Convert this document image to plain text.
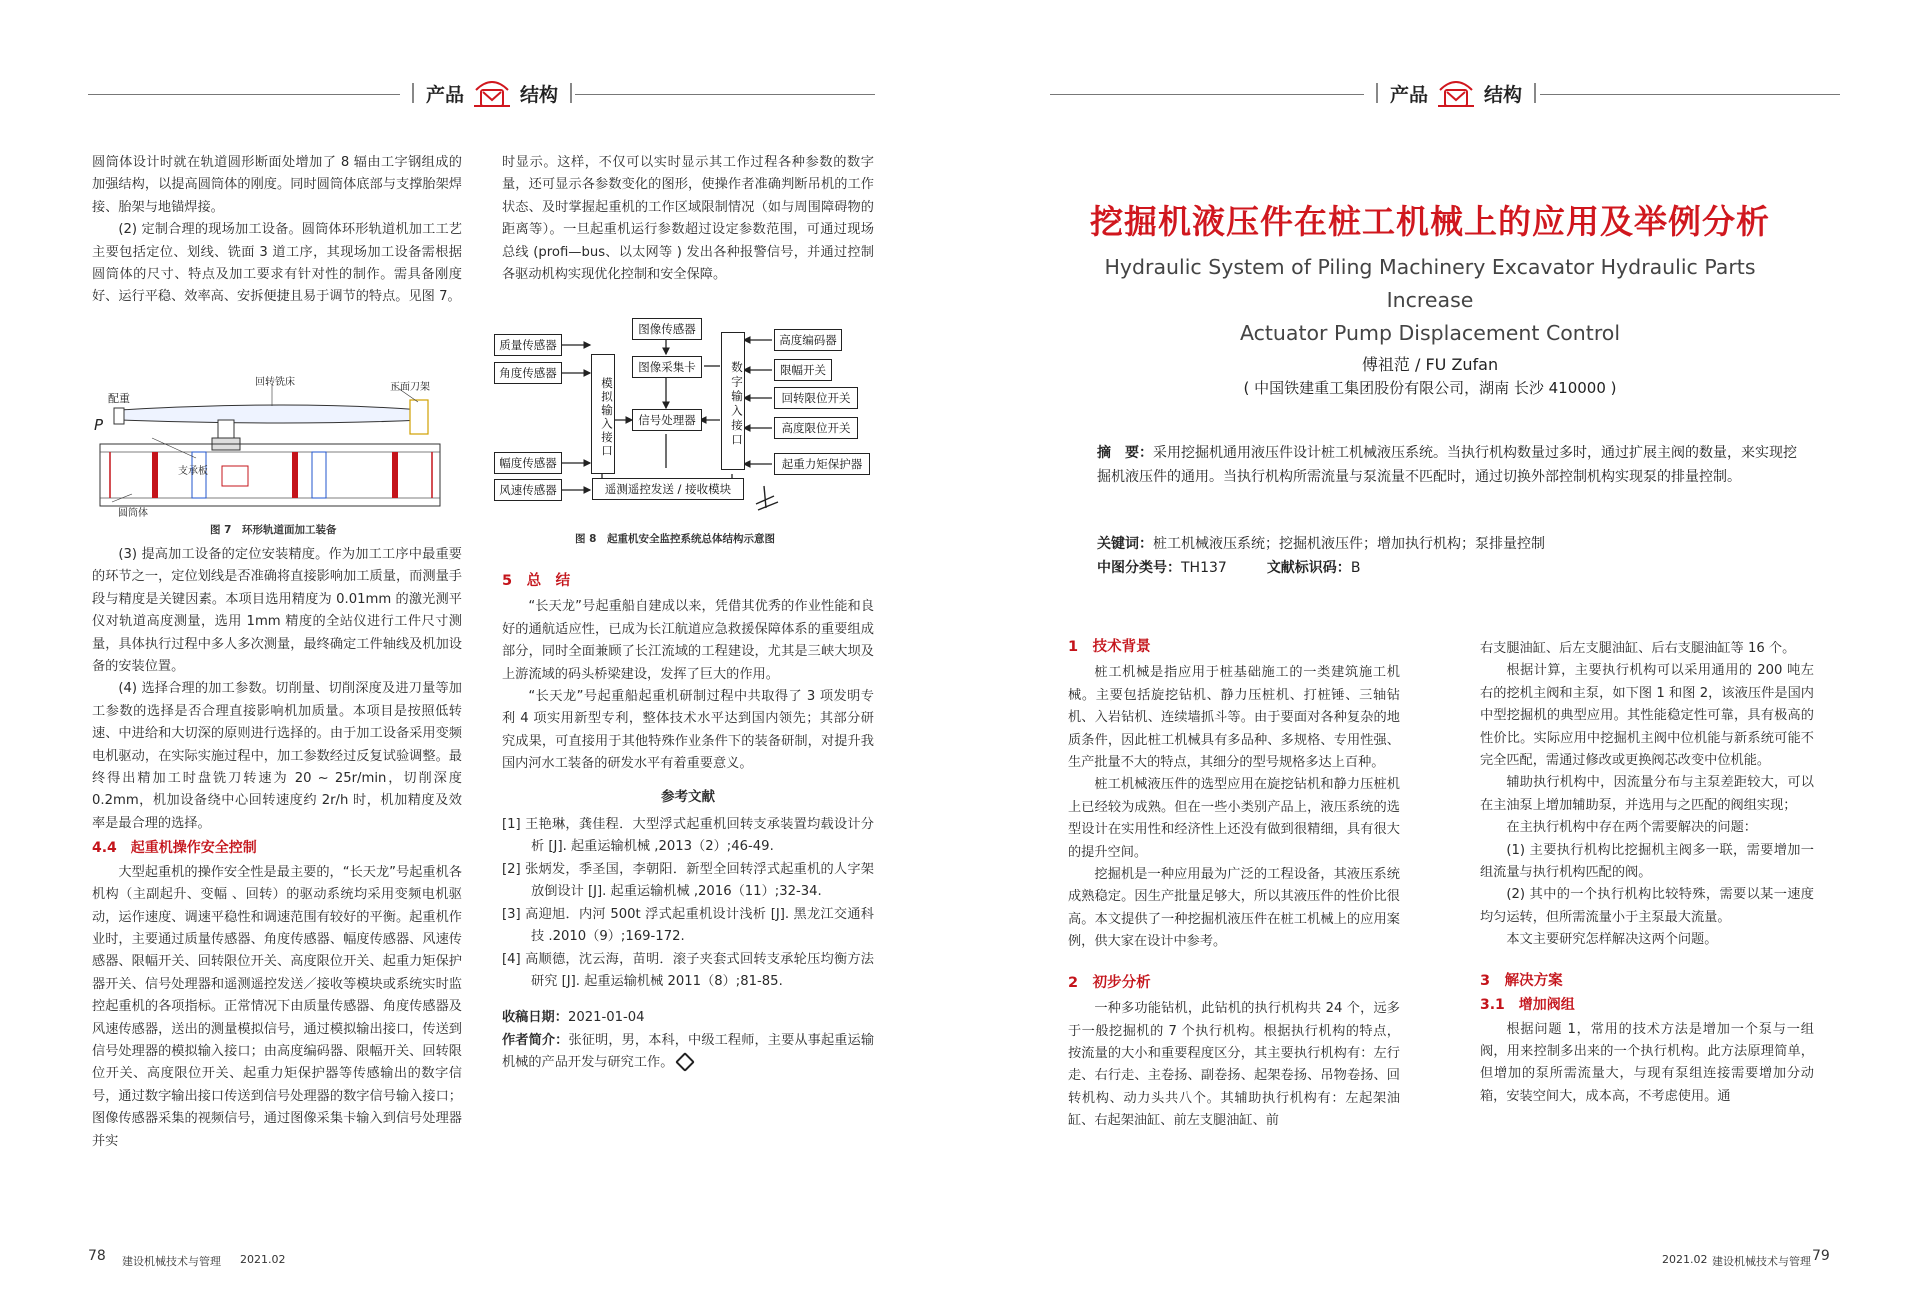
产品	结构	产品	结构

圆筒体设计时就在轨道圆形断面处增加了 8 辐由工字钢组成的加强结构，以提高圆筒体的刚度。同时圆筒体底部与支撑胎架焊接、胎架与地锚焊接。

(2) 定制合理的现场加工设备。圆筒体环形轨道机加工工艺主要包括定位、划线、铣面 3 道工序，其现场加工设备需根据圆筒体的尺寸、特点及加工要求有针对性的制作。需具备刚度好、运行平稳、效率高、安拆便捷且易于调节的特点。见图 7。

配重
回转铣床	正面刀架
P
支承板
圆筒体
图 7　环形轨道面加工装备

(3) 提高加工设备的定位安装精度。作为加工工序中最重要的环节之一，定位划线是否准确将直接影响加工质量，而测量手段与精度是关键因素。本项目选用精度为 0.01mm 的激光测平仪对轨道高度测量，选用 1mm 精度的全站仪进行工件尺寸测量，具体执行过程中多人多次测量，最终确定工件轴线及机加设备的安装位置。

(4) 选择合理的加工参数。切削量、切削深度及进刀量等加工参数的选择是否合理直接影响机加质量。本项目是按照低转速、中进给和大切深的原则进行选择的。由于加工设备采用变频电机驱动，在实际实施过程中，加工参数经过反复试验调整。最终得出精加工时盘铣刀转速为 20 ~ 25r/min，切削深度 0.2mm，机加设备绕中心回转速度约 2r/h 时，机加精度及效率是最合理的选择。

4.4　起重机操作安全控制

大型起重机的操作安全性是最主要的，“长天龙”号起重机各机构（主副起升、变幅 、回转）的驱动系统均采用变频电机驱动，运作速度、调速平稳性和调速范围有较好的平衡。起重机作业时，主要通过质量传感器、角度传感器、幅度传感器、风速传感器、限幅开关、回转限位开关、高度限位开关、起重力矩保护器开关、信号处理器和遥测遥控发送／接收等模块或系统实时监控起重机的各项指标。正常情况下由质量传感器、角度传感器及风速传感器，送出的测量模拟信号，通过模拟输出接口，传送到信号处理器的模拟输入接口；由高度编码器、限幅开关、回转限位开关、高度限位开关、起重力矩保护器等传感输出的数字信号，通过数字输出接口传送到信号处理器的数字信号输入接口；图像传感器采集的视频信号，通过图像采集卡输入到信号处理器并实

时显示。这样，不仅可以实时显示其工作过程各种参数的数字量，还可显示各参数变化的图形，使操作者准确判断吊机的工作状态、及时掌握起重机的工作区域限制情况（如与周围障碍物的距离等）。一旦起重机运行参数超过设定参数范围，可通过现场总线 (profi—bus、以太网等 ) 发出各种报警信号，并通过控制各驱动机构实现优化控制和安全保障。

质量传感器
角度传感器
幅度传感器
风速传感器
模拟输入接口
图像传感器
图像采集卡
信号处理器	数字输入接口
高度编码器
限幅开关
回转限位开关
高度限位开关
起重力矩保护器
遥测遥控发送 / 接收模块
图 8　起重机安全监控系统总体结构示意图
5　总　结

“长天龙”号起重船自建成以来，凭借其优秀的作业性能和良好的通航适应性，已成为长江航道应急救援保障体系的重要组成部分，同时全面兼顾了长江流域的工程建设，尤其是三峡大坝及上游流域的码头桥梁建设，发挥了巨大的作用。

“长天龙”号起重船起重机研制过程中共取得了 3 项发明专利 4 项实用新型专利，整体技术水平达到国内领先；其部分研究成果，可直接用于其他特殊作业条件下的装备研制，对提升我国内河水工装备的研发水平有着重要意义。

参考文献

[1] 王艳琳，龚佳程．大型浮式起重机回转支承装置均载设计分析 [J]. 起重运输机械 ,2013（2）;46-49.

[2] 张炳发，季圣国，李朝阳．新型全回转浮式起重机的人字架放倒设计 [J]. 起重运输机械 ,2016（11）;32-34.

[3] 高迎旭．内河 500t 浮式起重机设计浅析 [J]. 黑龙江交通科技 .2010（9）;169-172.

[4] 高顺德，沈云海，苗明．滚子夹套式回转支承轮压均衡方法研究 [J]. 起重运输机械 2011（8）;81-85.

收稿日期：2021-01-04

作者简介：张征明，男，本科，中级工程师，主要从事起重运输机械的产品开发与研究工作。

78 建设机械技术与管理 2021.02
挖掘机液压件在桩工机械上的应用及举例分析
Hydraulic System of Piling Machinery Excavator Hydraulic Parts Increase
Actuator Pump Displacement Control
傅祖范 / FU Zufan
( 中国铁建重工集团股份有限公司，湖南 长沙 410000 )
摘　要：采用挖掘机通用液压件设计桩工机械液压系统。当执行机构数量过多时，通过扩展主阀的数量，来实现挖掘机液压件的通用。当执行机构所需流量与泵流量不匹配时，通过切换外部控制机构实现泵的排量控制。
关键词：桩工机械液压系统；挖掘机液压件；增加执行机构；泵排量控制
中图分类号：TH137	文献标识码：B
1　技术背景

桩工机械是指应用于桩基础施工的一类建筑施工机械。主要包括旋挖钻机、静力压桩机、打桩锤、三轴钻机、入岩钻机、连续墙抓斗等。由于要面对各种复杂的地质条件，因此桩工机械具有多品种、多规格、专用性强、生产批量不大的特点，其细分的型号规格多达上百种。

桩工机械液压件的选型应用在旋挖钻机和静力压桩机上已经较为成熟。但在一些小类别产品上，液压系统的选型设计在实用性和经济性上还没有做到很精细，具有很大的提升空间。

挖掘机是一种应用最为广泛的工程设备，其液压系统成熟稳定。因生产批量足够大，所以其液压件的性价比很高。本文提供了一种挖掘机液压件在桩工机械上的应用案例，供大家在设计中参考。

2　初步分析

一种多功能钻机，此钻机的执行机构共 24 个，远多于一般挖掘机的 7 个执行机构。根据执行机构的特点，按流量的大小和重要程度区分，其主要执行机构有：左行走、右行走、主卷扬、副卷扬、起架卷扬、吊物卷扬、回转机构、动力头共八个。其辅助执行机构有：左起架油缸、右起架油缸、前左支腿油缸、前

右支腿油缸、后左支腿油缸、后右支腿油缸等 16 个。

根据计算，主要执行机构可以采用通用的 200 吨左右的挖机主阀和主泵，如下图 1 和图 2，该液压件是国内中型挖掘机的典型应用。其性能稳定性可靠，具有极高的性价比。实际应用中挖掘机主阀中位机能与新系统可能不完全匹配，需通过修改或更换阀芯改变中位机能。

辅助执行机构中，因流量分布与主泵差距较大，可以在主油泵上增加辅助泵，并选用与之匹配的阀组实现；

在主执行机构中存在两个需要解决的问题：

(1) 主要执行机构比挖掘机主阀多一联，需要增加一组流量与执行机构匹配的阀。

(2) 其中的一个执行机构比较特殊，需要以某一速度均匀运转，但所需流量小于主泵最大流量。

本文主要研究怎样解决这两个问题。

3　解决方案
3.1　增加阀组

根据问题 1，常用的技术方法是增加一个泵与一组阀，用来控制多出来的一个执行机构。此方法原理简单，但增加的泵所需流量大，与现有泵组连接需要增加分动箱，安装空间大，成本高，不考虑使用。通

2021.02 建设机械技术与管理 79
